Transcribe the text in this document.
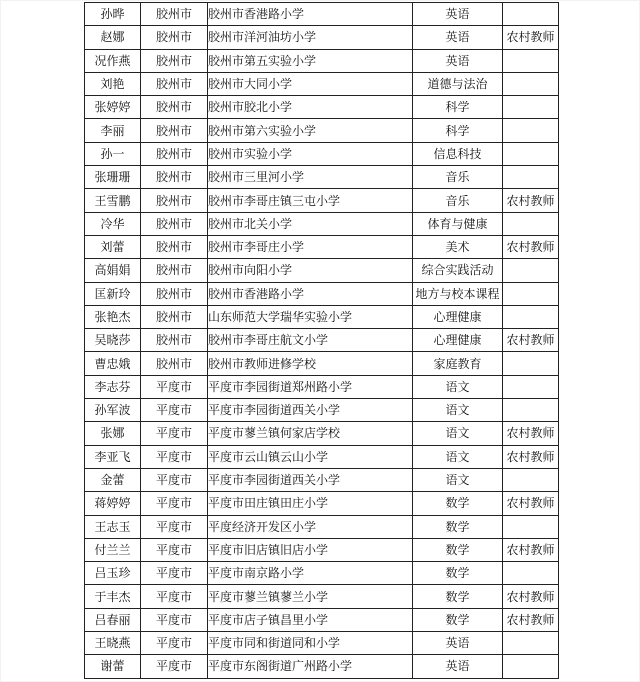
孙晔	胶州市	胶州市香港路小学	英语	
赵娜	胶州市	胶州市洋河油坊小学	英语	农村教师
况作燕	胶州市	胶州市第五实验小学	英语	
刘艳	胶州市	胶州市大同小学	道德与法治	
张婷婷	胶州市	胶州市胶北小学	科学	
李丽	胶州市	胶州市第六实验小学	科学	
孙一	胶州市	胶州市实验小学	信息科技	
张珊珊	胶州市	胶州市三里河小学	音乐	
王雪鹏	胶州市	胶州市李哥庄镇三屯小学	音乐	农村教师
冷华	胶州市	胶州市北关小学	体育与健康	
刘蕾	胶州市	胶州市李哥庄小学	美术	农村教师
高娟娟	胶州市	胶州市向阳小学	综合实践活动	
匡新玲	胶州市	胶州市香港路小学	地方与校本课程	
张艳杰	胶州市	山东师范大学瑞华实验小学	心理健康	
吴晓莎	胶州市	胶州市李哥庄航文小学	心理健康	农村教师
曹忠娥	胶州市	胶州市教师进修学校	家庭教育	
李志芬	平度市	平度市李园街道郑州路小学	语文	
孙军波	平度市	平度市李园街道西关小学	语文	
张娜	平度市	平度市蓼兰镇何家店学校	语文	农村教师
李亚飞	平度市	平度市云山镇云山小学	语文	农村教师
金蕾	平度市	平度市李园街道西关小学	语文	
蒋婷婷	平度市	平度市田庄镇田庄小学	数学	农村教师
王志玉	平度市	平度经济开发区小学	数学	
付兰兰	平度市	平度市旧店镇旧店小学	数学	农村教师
吕玉珍	平度市	平度市南京路小学	数学	
于丰杰	平度市	平度市蓼兰镇蓼兰小学	数学	农村教师
吕春丽	平度市	平度市店子镇昌里小学	数学	农村教师
王晓燕	平度市	平度市同和街道同和小学	英语	
谢蕾	平度市	平度市东阁街道广州路小学	英语	
